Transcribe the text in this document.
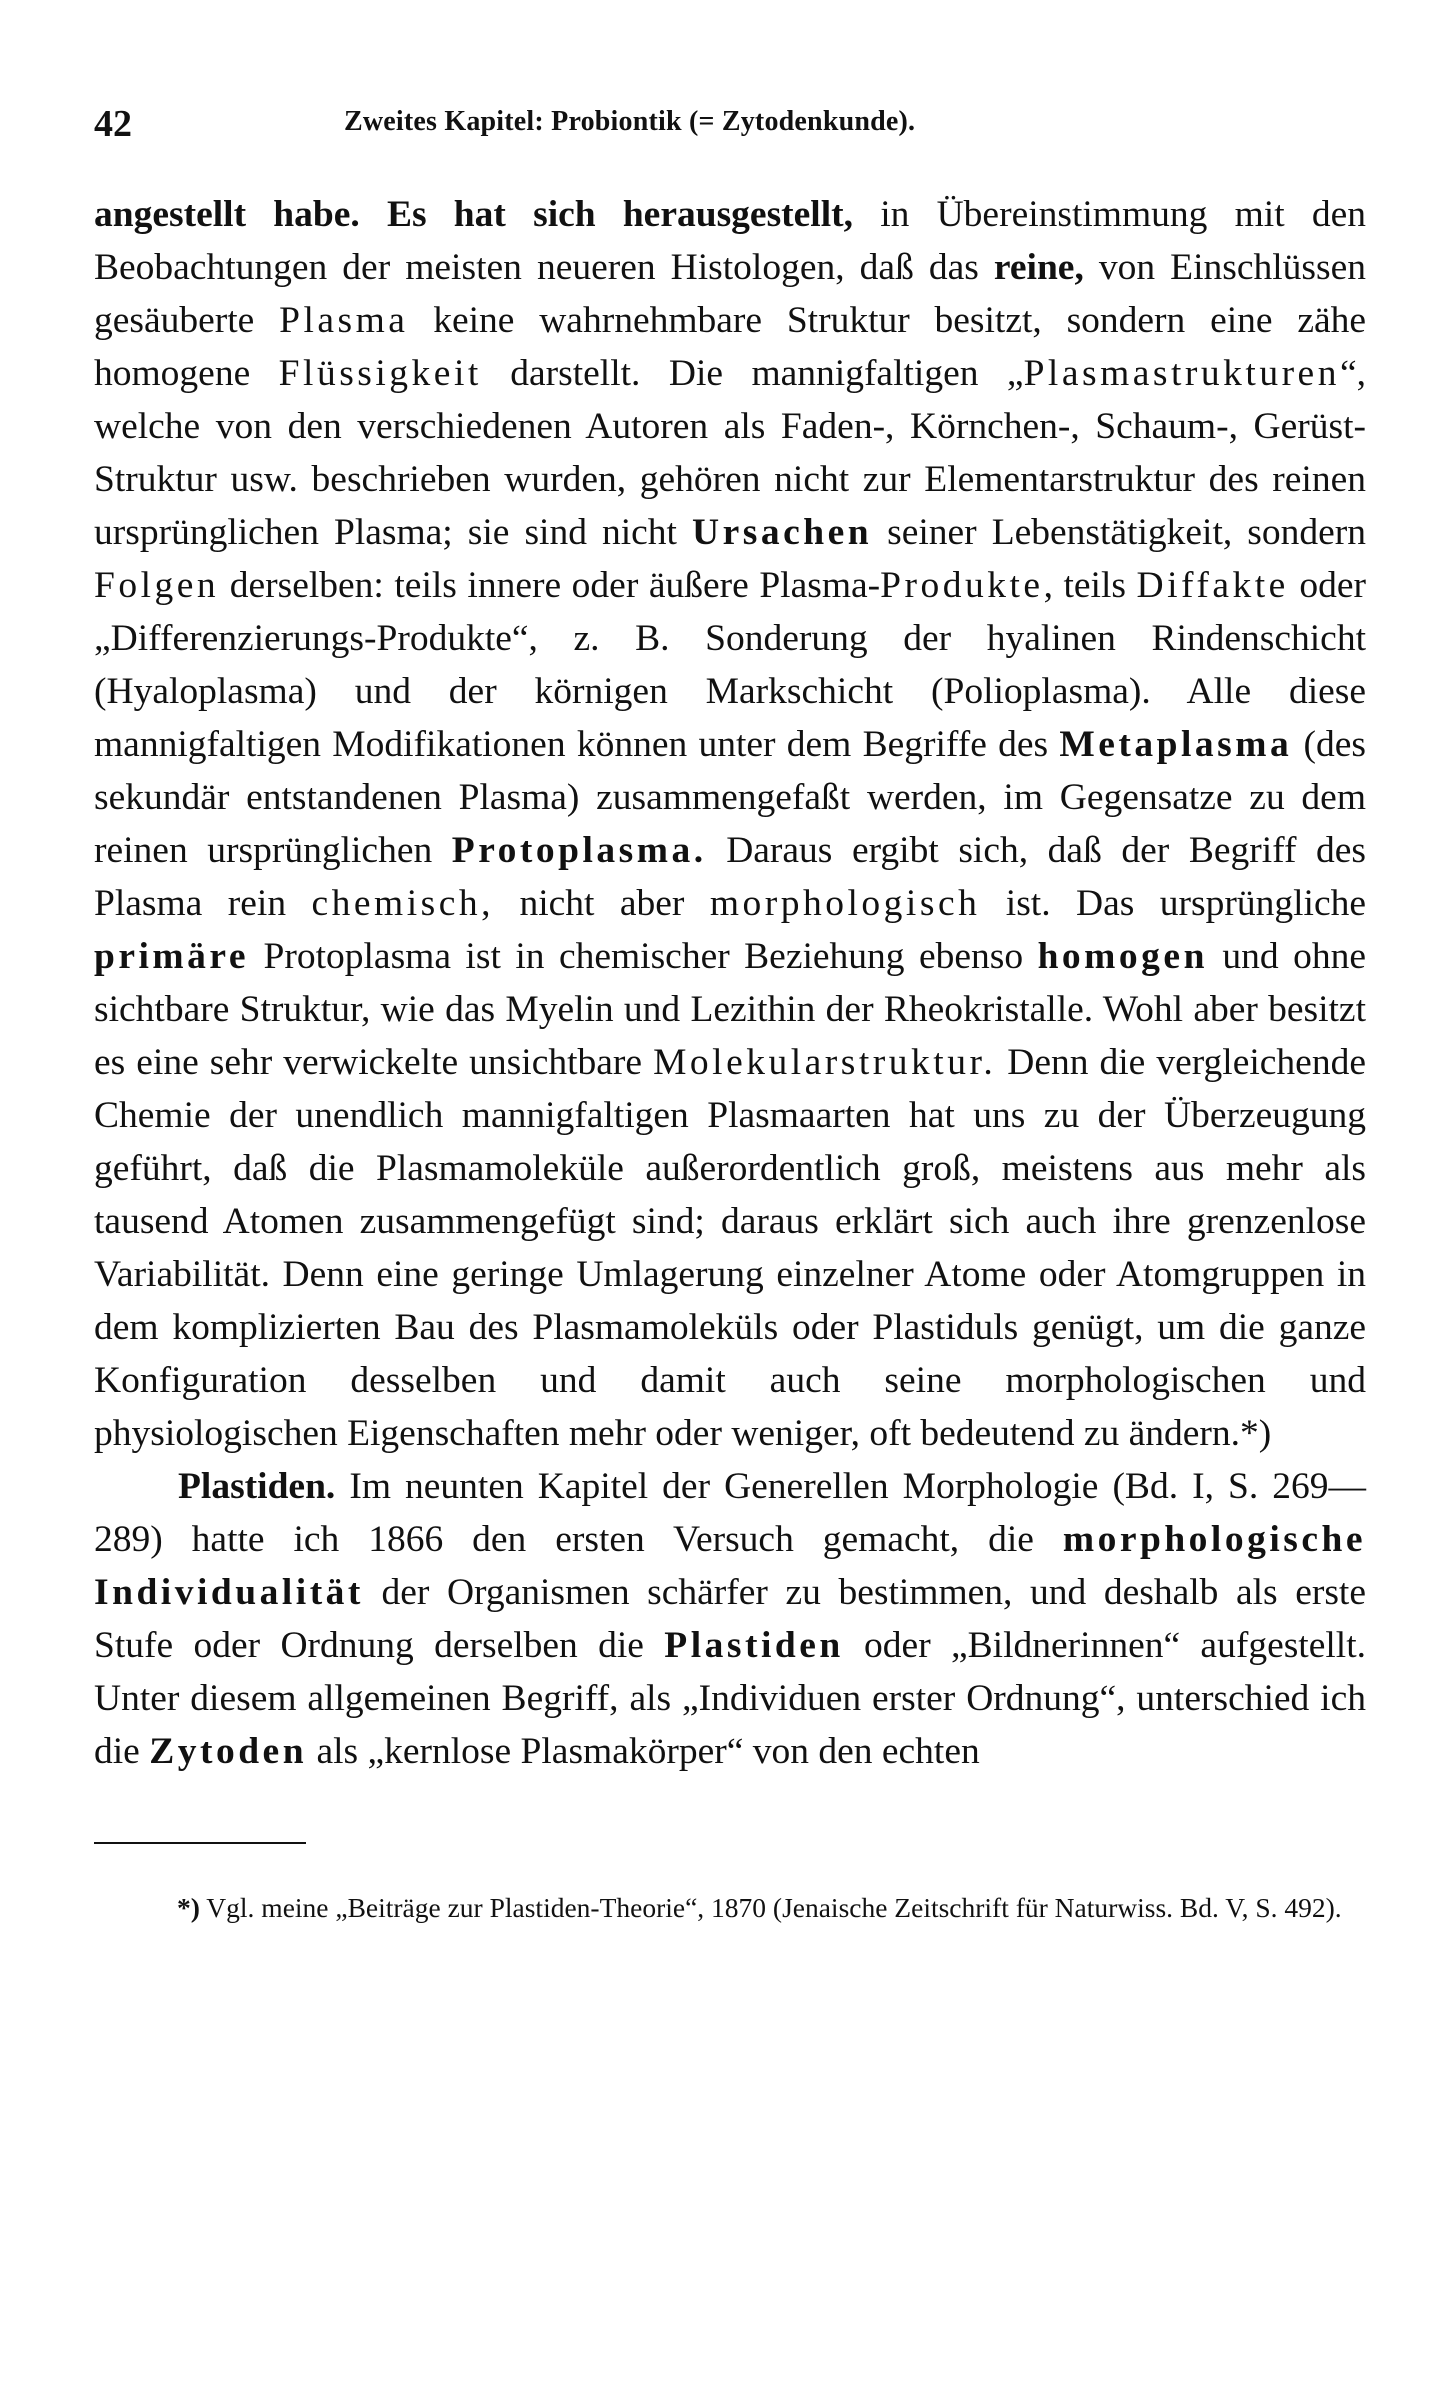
42	Zweites Kapitel: Probiontik (= Zytodenkunde).

angestellt habe. Es hat sich herausgestellt, in Übereinstimmung mit den Beobachtungen der meisten neueren Histologen, daß das reine, von Einschlüssen gesäuberte Plasma keine wahrnehmbare Struktur besitzt, sondern eine zähe homogene Flüssigkeit darstellt. Die mannigfaltigen „Plasmastrukturen“, welche von den verschiedenen Autoren als Faden-, Körnchen-, Schaum-, Gerüst-Struktur usw. beschrieben wurden, gehören nicht zur Elementarstruktur des reinen ursprünglichen Plasma; sie sind nicht Ursachen seiner Lebenstätigkeit, sondern Folgen derselben: teils innere oder äußere Plasma-Produkte, teils Diffakte oder „Differenzierungs-Produkte“, z. B. Sonderung der hyalinen Rindenschicht (Hyaloplasma) und der körnigen Markschicht (Polioplasma). Alle diese mannigfaltigen Modifikationen können unter dem Begriffe des Metaplasma (des sekundär entstandenen Plasma) zusammengefaßt werden, im Gegensatze zu dem reinen ursprünglichen Protoplasma. Daraus ergibt sich, daß der Begriff des Plasma rein chemisch, nicht aber morphologisch ist. Das ursprüngliche primäre Protoplasma ist in chemischer Beziehung ebenso homogen und ohne sichtbare Struktur, wie das Myelin und Lezithin der Rheokristalle. Wohl aber besitzt es eine sehr verwickelte unsichtbare Molekularstruktur. Denn die vergleichende Chemie der unendlich mannigfaltigen Plasmaarten hat uns zu der Überzeugung geführt, daß die Plasmamoleküle außerordentlich groß, meistens aus mehr als tausend Atomen zusammengefügt sind; daraus erklärt sich auch ihre grenzenlose Variabilität. Denn eine geringe Umlagerung einzelner Atome oder Atomgruppen in dem komplizierten Bau des Plasmamoleküls oder Plastiduls genügt, um die ganze Konfiguration desselben und damit auch seine morphologischen und physiologischen Eigenschaften mehr oder weniger, oft bedeutend zu ändern.*)

Plastiden. Im neunten Kapitel der Generellen Morphologie (Bd. I, S. 269—289) hatte ich 1866 den ersten Versuch gemacht, die morphologische Individualität der Organismen schärfer zu bestimmen, und deshalb als erste Stufe oder Ordnung derselben die Plastiden oder „Bildnerinnen“ aufgestellt. Unter diesem allgemeinen Begriff, als „Individuen erster Ordnung“, unterschied ich die Zytoden als „kernlose Plasmakörper“ von den echten

*) Vgl. meine „Beiträge zur Plastiden-Theorie“, 1870 (Jenaische Zeitschrift für Naturwiss. Bd. V, S. 492).
